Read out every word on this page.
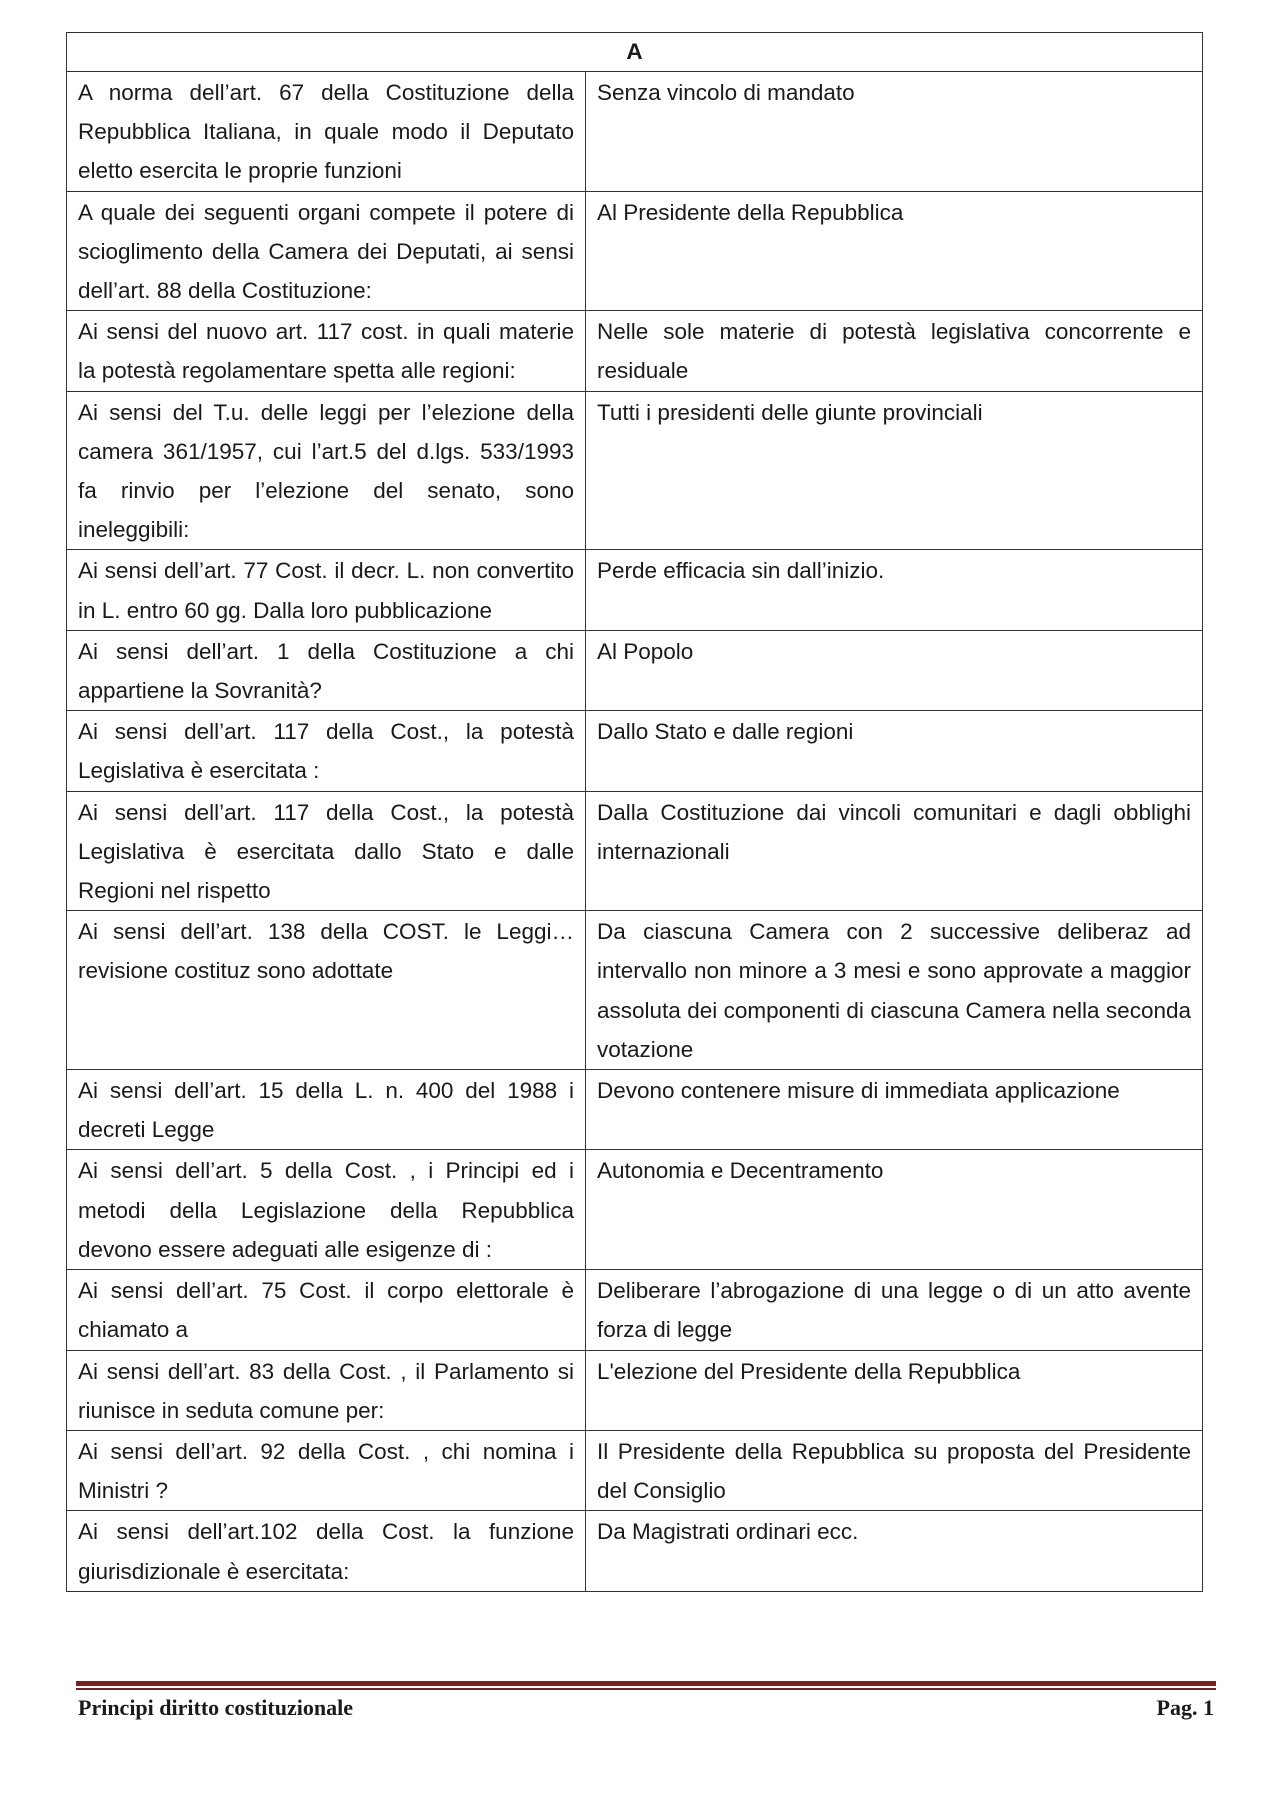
A	
A norma dell’art. 67 della Costituzione della Repubblica Italiana, in quale modo il Deputato eletto esercita le proprie funzioni	Senza vincolo di mandato
A quale dei seguenti organi compete il potere di scioglimento della Camera dei Deputati, ai sensi dell’art. 88 della Costituzione:	Al Presidente della Repubblica
Ai sensi del nuovo art. 117 cost. in quali materie la potestà regolamentare spetta alle regioni:	Nelle sole materie di potestà legislativa concorrente e residuale
Ai sensi del T.u. delle leggi per l’elezione della camera 361/1957, cui l’art.5 del d.lgs. 533/1993 fa rinvio per l’elezione del senato, sono ineleggibili:	Tutti i presidenti delle giunte provinciali
Ai sensi dell’art. 77 Cost. il decr. L. non convertito in L. entro 60 gg. Dalla loro pubblicazione	Perde efficacia sin dall’inizio.
Ai sensi dell’art. 1 della Costituzione a chi appartiene la Sovranità?	Al Popolo
Ai sensi dell’art. 117 della Cost., la potestà Legislativa è esercitata :	Dallo Stato e dalle regioni
Ai sensi dell’art. 117 della Cost., la potestà Legislativa è esercitata dallo Stato e dalle Regioni nel rispetto	Dalla Costituzione dai vincoli comunitari e dagli obblighi internazionali
Ai sensi dell’art. 138 della COST. le Leggi…revisione costituz sono adottate	Da ciascuna Camera con 2 successive deliberaz ad intervallo non minore a 3 mesi e sono approvate a maggior assoluta dei componenti di ciascuna Camera nella seconda votazione
Ai sensi dell’art. 15 della L. n. 400 del 1988 i decreti Legge	Devono contenere misure di immediata applicazione
Ai sensi dell’art. 5 della Cost. , i Principi ed i metodi della Legislazione della Repubblica devono essere adeguati alle esigenze di :	Autonomia e Decentramento
Ai sensi dell’art. 75 Cost. il corpo elettorale è chiamato a	Deliberare l’abrogazione di una legge o di un atto avente forza di legge
Ai sensi dell’art. 83 della Cost. , il Parlamento si riunisce in seduta comune per:	L'elezione del Presidente della Repubblica
Ai sensi dell’art. 92 della Cost. , chi nomina i Ministri ?	Il Presidente della Repubblica su proposta del Presidente del Consiglio
Ai sensi dell’art.102 della Cost. la funzione giurisdizionale è esercitata:	Da Magistrati ordinari ecc.
Principi diritto costituzionale	Pag. 1
